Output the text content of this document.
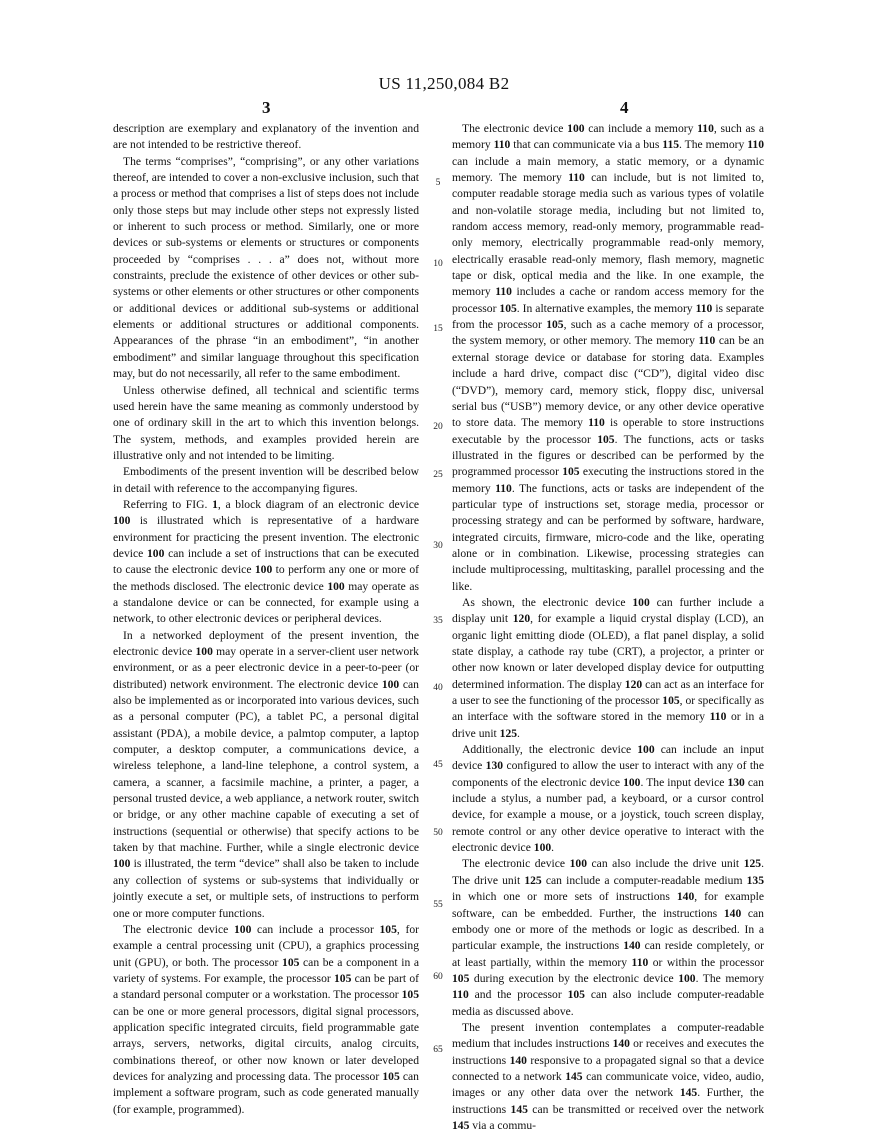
US 11,250,084 B2
3	4

description are exemplary and explanatory of the invention and are not intended to be restrictive thereof.

The terms “comprises”, “comprising”, or any other variations thereof, are intended to cover a non-exclusive inclusion, such that a process or method that comprises a list of steps does not include only those steps but may include other steps not expressly listed or inherent to such process or method. Similarly, one or more devices or sub-systems or elements or structures or components proceeded by “comprises . . . a” does not, without more constraints, preclude the existence of other devices or other sub-systems or other elements or other structures or other components or additional devices or additional sub-systems or additional elements or additional structures or additional components. Appearances of the phrase “in an embodiment”, “in another embodiment” and similar language throughout this specification may, but do not necessarily, all refer to the same embodiment.

Unless otherwise defined, all technical and scientific terms used herein have the same meaning as commonly understood by one of ordinary skill in the art to which this invention belongs. The system, methods, and examples provided herein are illustrative only and not intended to be limiting.

Embodiments of the present invention will be described below in detail with reference to the accompanying figures.

Referring to FIG. 1, a block diagram of an electronic device 100 is illustrated which is representative of a hardware environment for practicing the present invention. The electronic device 100 can include a set of instructions that can be executed to cause the electronic device 100 to perform any one or more of the methods disclosed. The electronic device 100 may operate as a standalone device or can be connected, for example using a network, to other electronic devices or peripheral devices.

In a networked deployment of the present invention, the electronic device 100 may operate in a server-client user network environment, or as a peer electronic device in a peer-to-peer (or distributed) network environment. The electronic device 100 can also be implemented as or incorporated into various devices, such as a personal computer (PC), a tablet PC, a personal digital assistant (PDA), a mobile device, a palmtop computer, a laptop computer, a desktop computer, a communications device, a wireless telephone, a land-line telephone, a control system, a camera, a scanner, a facsimile machine, a printer, a pager, a personal trusted device, a web appliance, a network router, switch or bridge, or any other machine capable of executing a set of instructions (sequential or otherwise) that specify actions to be taken by that machine. Further, while a single electronic device 100 is illustrated, the term “device” shall also be taken to include any collection of systems or sub-systems that individually or jointly execute a set, or multiple sets, of instructions to perform one or more computer functions.

The electronic device 100 can include a processor 105, for example a central processing unit (CPU), a graphics processing unit (GPU), or both. The processor 105 can be a component in a variety of systems. For example, the processor 105 can be part of a standard personal computer or a workstation. The processor 105 can be one or more general processors, digital signal processors, application specific integrated circuits, field programmable gate arrays, servers, networks, digital circuits, analog circuits, combinations thereof, or other now known or later developed devices for analyzing and processing data. The processor 105 can implement a software program, such as code generated manually (for example, programmed).

The electronic device 100 can include a memory 110, such as a memory 110 that can communicate via a bus 115. The memory 110 can include a main memory, a static memory, or a dynamic memory. The memory 110 can include, but is not limited to, computer readable storage media such as various types of volatile and non-volatile storage media, including but not limited to, random access memory, read-only memory, programmable read-only memory, electrically programmable read-only memory, electrically erasable read-only memory, flash memory, magnetic tape or disk, optical media and the like. In one example, the memory 110 includes a cache or random access memory for the processor 105. In alternative examples, the memory 110 is separate from the processor 105, such as a cache memory of a processor, the system memory, or other memory. The memory 110 can be an external storage device or database for storing data. Examples include a hard drive, compact disc (“CD”), digital video disc (“DVD”), memory card, memory stick, floppy disc, universal serial bus (“USB”) memory device, or any other device operative to store data. The memory 110 is operable to store instructions executable by the processor 105. The functions, acts or tasks illustrated in the figures or described can be performed by the programmed processor 105 executing the instructions stored in the memory 110. The functions, acts or tasks are independent of the particular type of instructions set, storage media, processor or processing strategy and can be performed by software, hardware, integrated circuits, firmware, micro-code and the like, operating alone or in combination. Likewise, processing strategies can include multiprocessing, multitasking, parallel processing and the like.

As shown, the electronic device 100 can further include a display unit 120, for example a liquid crystal display (LCD), an organic light emitting diode (OLED), a flat panel display, a solid state display, a cathode ray tube (CRT), a projector, a printer or other now known or later developed display device for outputting determined information. The display 120 can act as an interface for a user to see the functioning of the processor 105, or specifically as an interface with the software stored in the memory 110 or in a drive unit 125.

Additionally, the electronic device 100 can include an input device 130 configured to allow the user to interact with any of the components of the electronic device 100. The input device 130 can include a stylus, a number pad, a keyboard, or a cursor control device, for example a mouse, or a joystick, touch screen display, remote control or any other device operative to interact with the electronic device 100.

The electronic device 100 can also include the drive unit 125. The drive unit 125 can include a computer-readable medium 135 in which one or more sets of instructions 140, for example software, can be embedded. Further, the instructions 140 can embody one or more of the methods or logic as described. In a particular example, the instructions 140 can reside completely, or at least partially, within the memory 110 or within the processor 105 during execution by the electronic device 100. The memory 110 and the processor 105 can also include computer-readable media as discussed above.

The present invention contemplates a computer-readable medium that includes instructions 140 or receives and executes the instructions 140 responsive to a propagated signal so that a device connected to a network 145 can communicate voice, video, audio, images or any other data over the network 145. Further, the instructions 145 can be transmitted or received over the network 145 via a commu-

5
10
15
20
25
30
35
40
45
50
55
60
65
